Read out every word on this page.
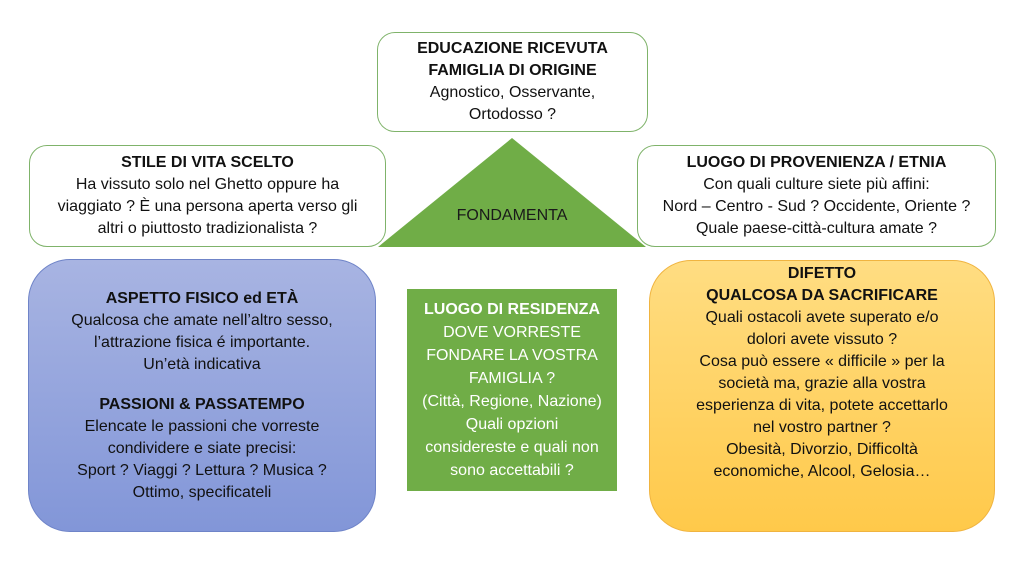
FONDAMENTA
EDUCAZIONE RICEVUTA
FAMIGLIA DI ORIGINE
Agnostico, Osservante,
Ortodosso ?
STILE DI VITA SCELTO
Ha vissuto solo nel Ghetto oppure ha
viaggiato ? È una persona aperta verso gli
altri o piuttosto tradizionalista ?
LUOGO DI PROVENIENZA / ETNIA
Con quali culture siete più affini:
Nord – Centro - Sud ? Occidente, Oriente ?
Quale paese-città-cultura amate ?
ASPETTO FISICO ed ETÀ
Qualcosa che amate nell’altro sesso,
l’attrazione fisica é importante.
Un’età indicativa
PASSIONI & PASSATEMPO
Elencate le passioni che vorreste
condividere e siate precisi:
Sport ? Viaggi ? Lettura ? Musica ?
Ottimo, specificateli
LUOGO DI RESIDENZA
DOVE VORRESTE
FONDARE LA VOSTRA
FAMIGLIA ?
(Città, Regione, Nazione)
Quali opzioni
considereste e quali non
sono accettabili ?
DIFETTO
QUALCOSA DA SACRIFICARE
Quali ostacoli avete superato e/o
dolori avete vissuto ?
Cosa può essere « difficile » per la
società ma, grazie alla vostra
esperienza di vita, potete accettarlo
nel vostro partner ?
Obesità, Divorzio, Difficoltà
economiche, Alcool, Gelosia…
